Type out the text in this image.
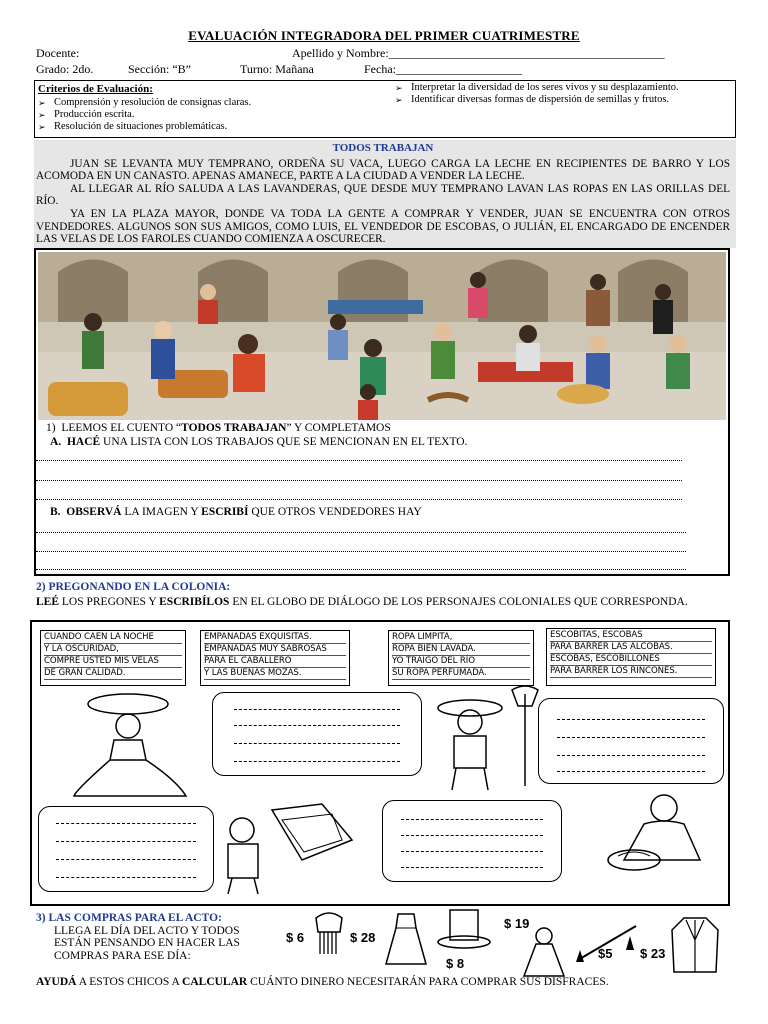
EVALUACIÓN INTEGRADORA DEL PRIMER CUATRIMESTRE
Docente:	Apellido y Nombre:______________________________________________
Grado: 2do.	Sección: “B”	Turno: Mañana	Fecha:_____________________
Criterios de Evaluación:
➢ Comprensión y resolución de consignas claras.
➢ Producción escrita.
➢ Resolución de situaciones problemáticas.
➢ Interpretar la diversidad de los seres vivos y su desplazamiento.
➢ Identificar diversas formas de dispersión de semillas y frutos.
TODOS TRABAJAN

JUAN SE LEVANTA MUY TEMPRANO, ORDEÑA SU VACA, LUEGO CARGA LA LECHE EN RECIPIENTES DE BARRO Y LOS ACOMODA EN UN CANASTO. APENAS AMANECE, PARTE A LA CIUDAD A VENDER LA LECHE.

AL LLEGAR AL RÍO SALUDA A LAS LAVANDERAS, QUE DESDE MUY TEMPRANO LAVAN LAS ROPAS EN LAS ORILLAS DEL RÍO.

YA EN LA PLAZA MAYOR, DONDE VA TODA LA GENTE A COMPRAR Y VENDER, JUAN SE ENCUENTRA CON OTROS VENDEDORES. ALGUNOS SON SUS AMIGOS, COMO LUIS, EL VENDEDOR DE ESCOBAS, O JULIÁN, EL ENCARGADO DE ENCENDER LAS VELAS DE LOS FAROLES CUANDO COMIENZA A OSCURECER.

1) LEEMOS EL CUENTO “TODOS TRABAJAN” Y COMPLETAMOS
A. HACÉ UNA LISTA CON LOS TRABAJOS QUE SE MENCIONAN EN EL TEXTO.
B. OBSERVÁ LA IMAGEN Y ESCRIBÍ QUE OTROS VENDEDORES HAY
2) PREGONANDO EN LA COLONIA:
LEÉ LOS PREGONES Y ESCRIBÍLOS EN EL GLOBO DE DIÁLOGO DE LOS PERSONAJES COLONIALES QUE CORRESPONDA.
CUANDO CAEN LA NOCHE
Y LA OSCURIDAD,
COMPRE USTED MIS VELAS
DE GRAN CALIDAD.
EMPANADAS EXQUISITAS.
EMPANADAS MUY SABROSAS
PARA EL CABALLERO
Y LAS BUENAS MOZAS.
ROPA LIMPITA,
ROPA BIEN LAVADA.
YO TRAIGO DEL RÍO
SU ROPA PERFUMADA.
ESCOBITAS, ESCOBAS
PARA BARRER LAS ALCOBAS.
ESCOBAS, ESCOBILLONES
PARA BARRER LOS RINCONES.
3) LAS COMPRAS PARA EL ACTO:
LLEGA EL DÍA DEL ACTO Y TODOS
ESTÁN PENSANDO EN HACER LAS
COMPRAS PARA ESE DÍA:
$ 6	$ 28
$ 8
$ 19
$5 $ 23
AYUDÁ A ESTOS CHICOS A CALCULAR CUÁNTO DINERO NECESITARÁN PARA COMPRAR SUS DISFRACES.
